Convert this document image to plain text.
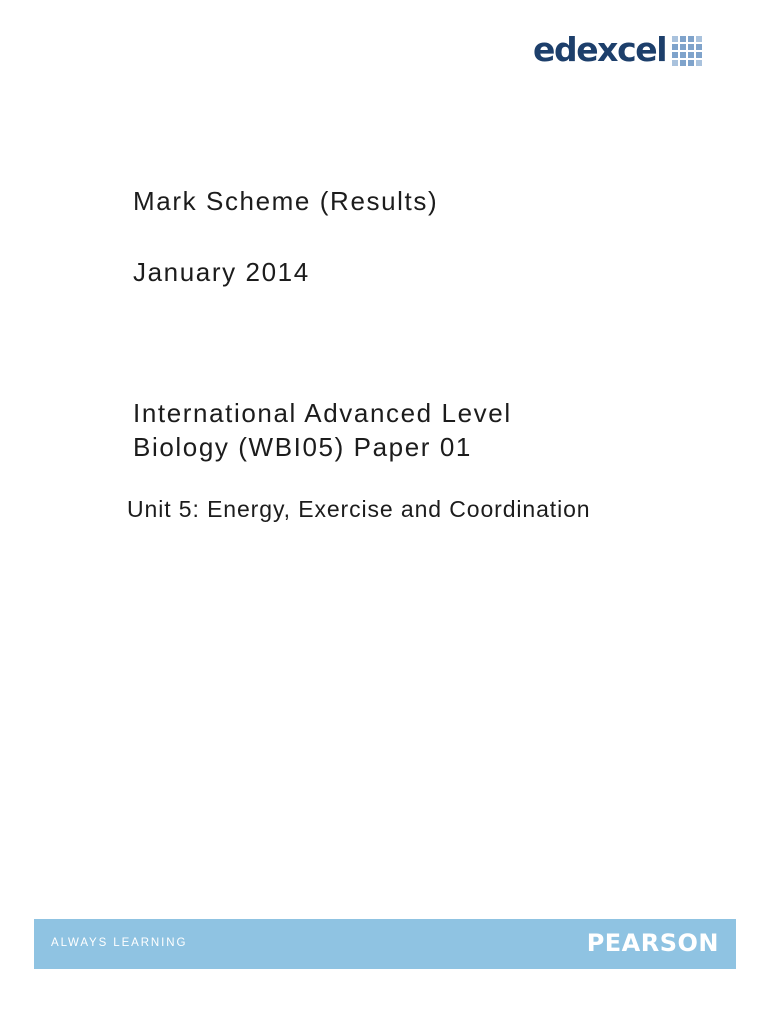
edexcel
Mark Scheme (Results)
January 2014
International Advanced Level
Biology (WBI05) Paper 01
Unit 5: Energy, Exercise and Coordination
ALWAYS LEARNING	PEARSON
